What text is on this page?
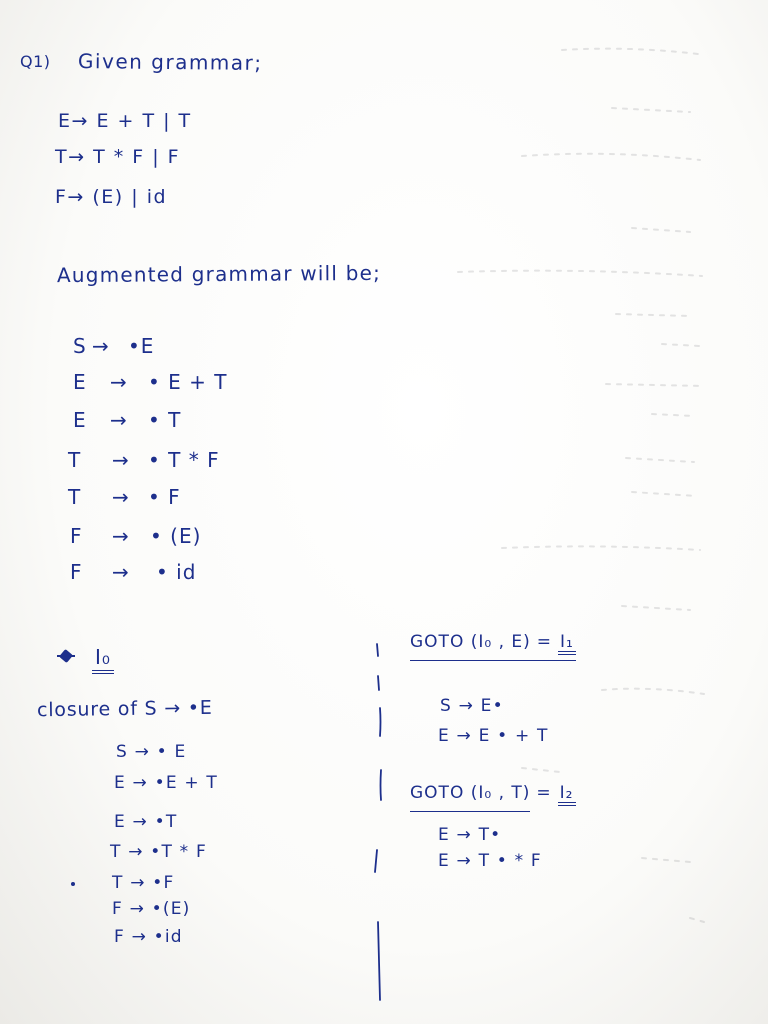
Q1) Given grammar;
E→ E + T | T
T→ T * F | F
F→ (E) | id
Augmented grammar will be;
S → •E
E → • E + T
E → • T
T → • T * F
T → • F
F → • (E)
F → • id
I₀
closure of S → •E
S → • E
E → •E + T
E → •T
T → •T * F
T → •F
F → •(E)
F → •id
GOTO (I₀ , E) = I₁
S → E•
E → E • + T
GOTO (I₀ , T) = I₂
E → T•
E → T • * F
